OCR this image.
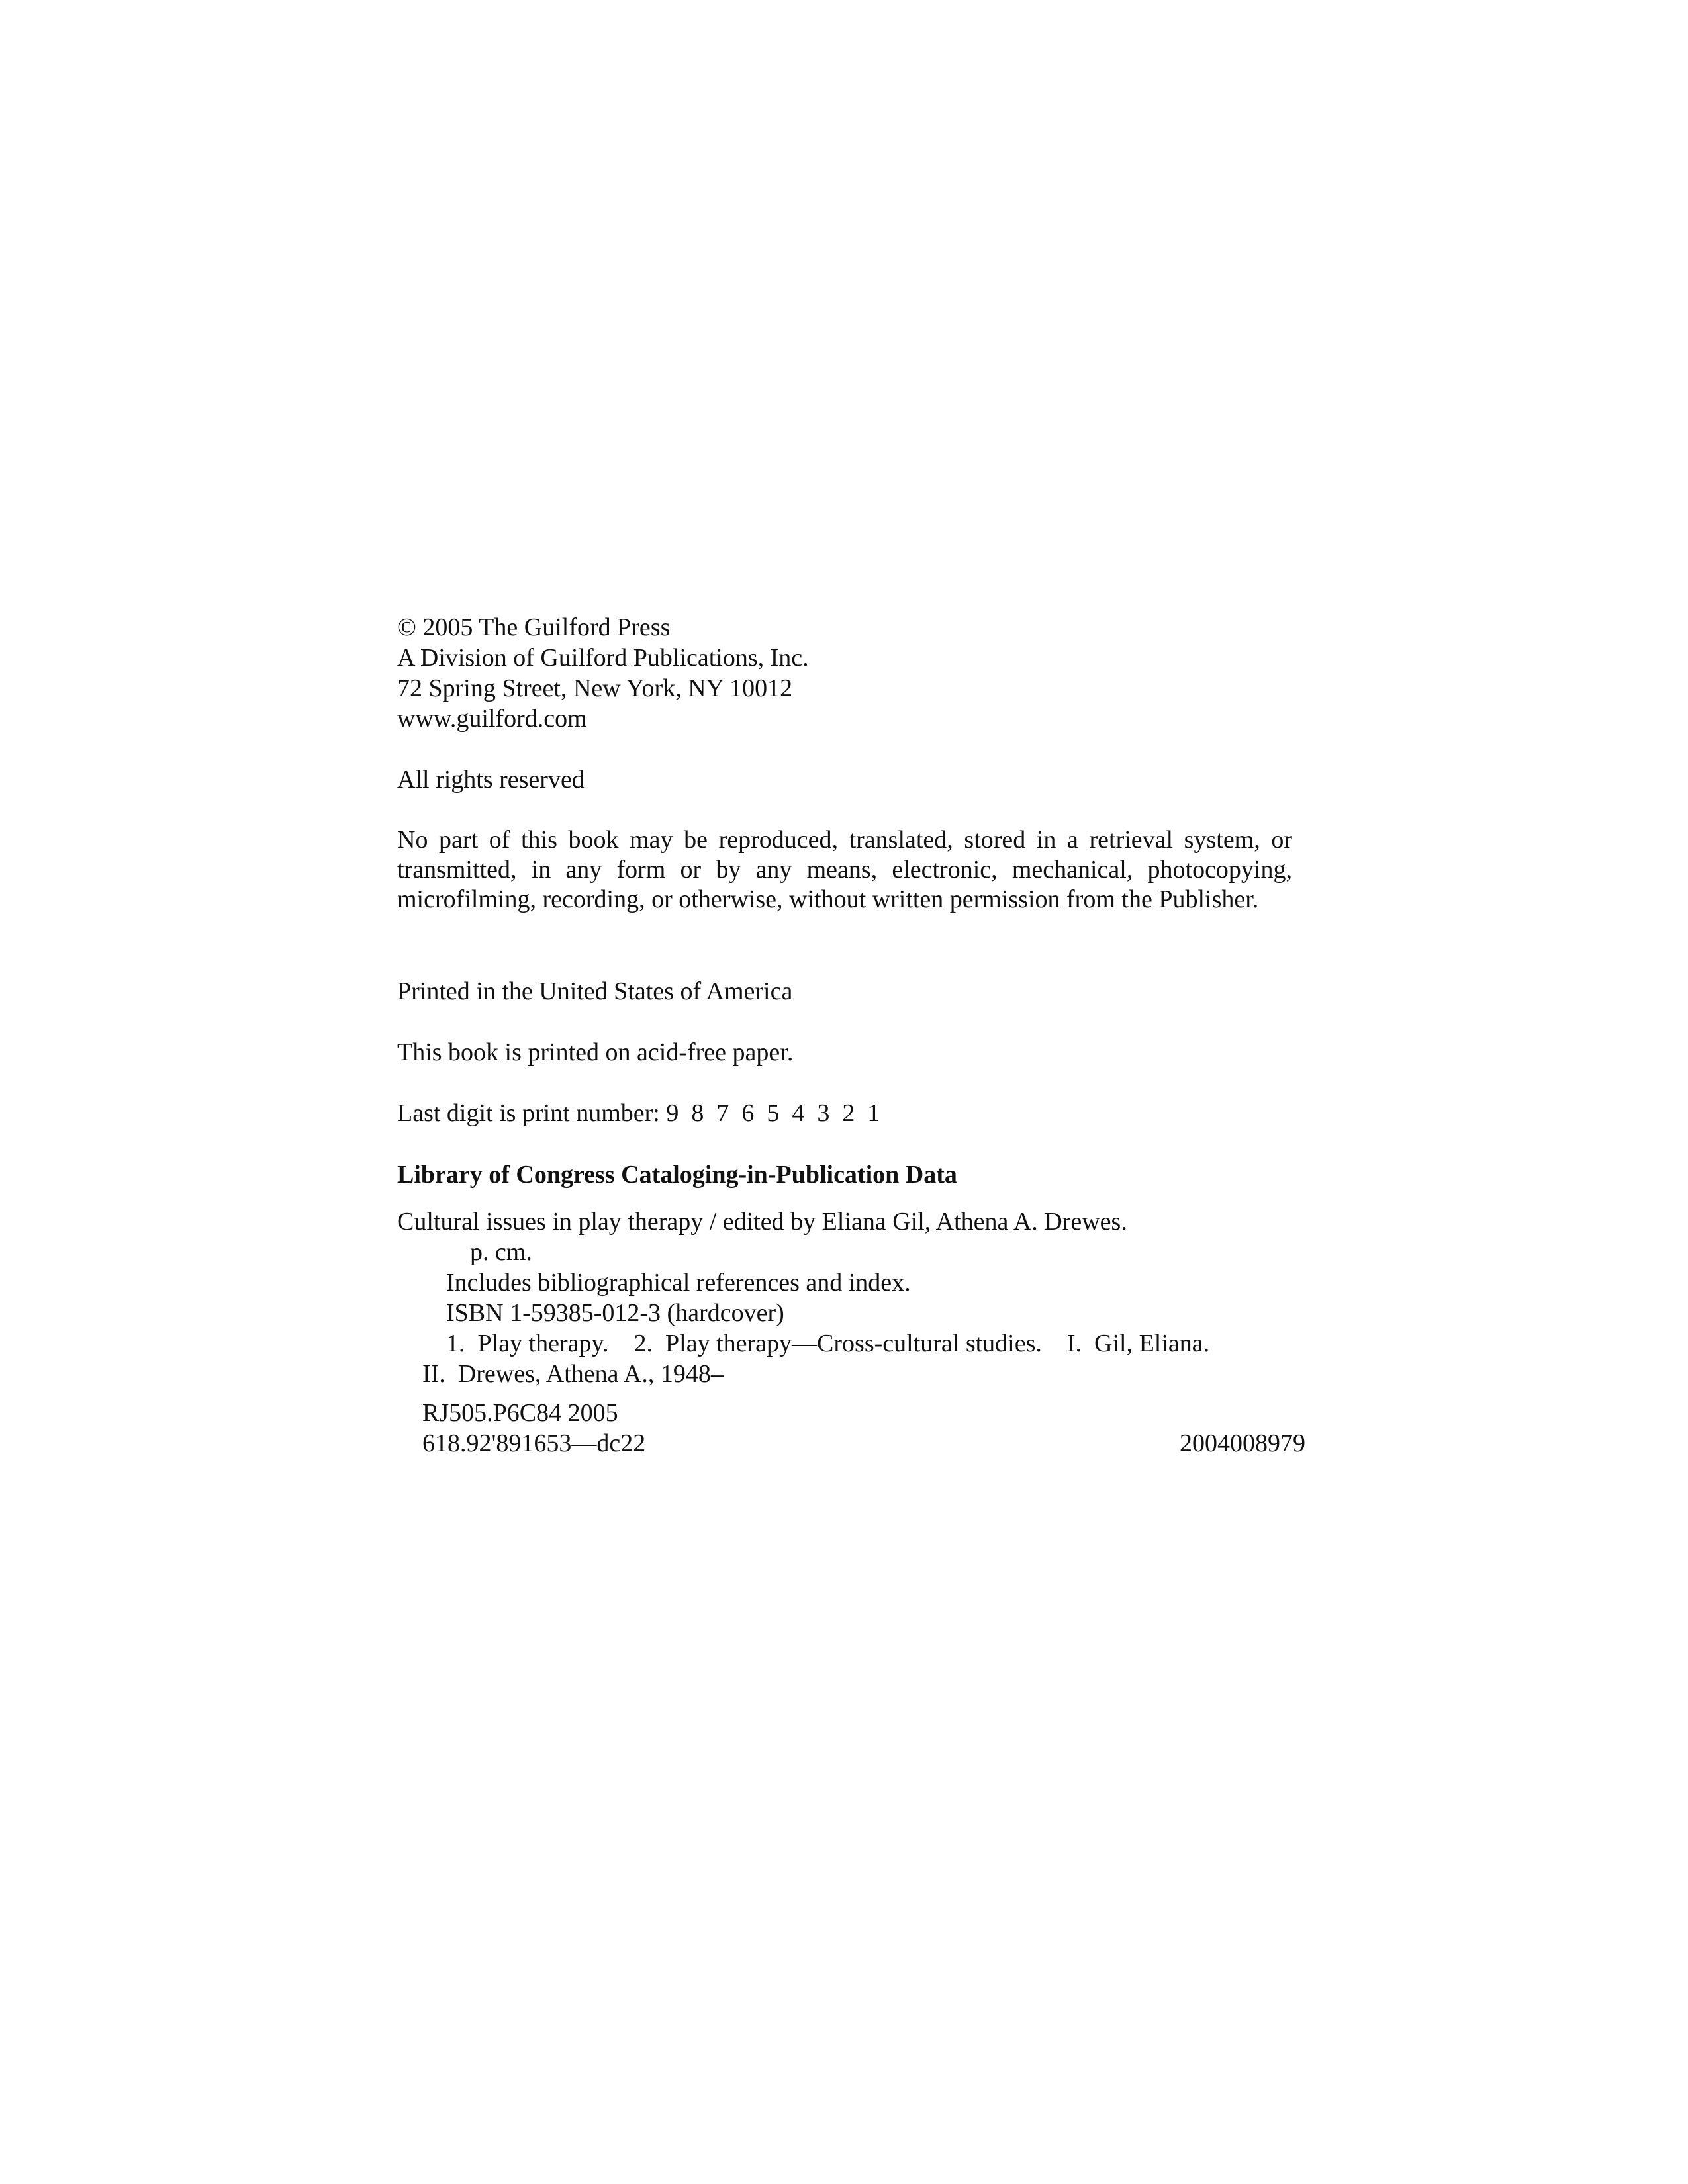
© 2005 The Guilford Press
A Division of Guilford Publications, Inc.
72 Spring Street, New York, NY 10012
www.guilford.com
All rights reserved
No part of this book may be reproduced, translated, stored in a retrieval system, or transmitted, in any form or by any means, electronic, mechanical, photocopying, microfilming, recording, or otherwise, without written permission from the Publisher.
Printed in the United States of America
This book is printed on acid-free paper.
Last digit is print number: 9  8  7  6  5  4  3  2  1
Library of Congress Cataloging-in-Publication Data
Cultural issues in play therapy / edited by Eliana Gil, Athena A. Drewes.
p. cm.
Includes bibliographical references and index.
ISBN 1-59385-012-3 (hardcover)
1.  Play therapy.    2.  Play therapy—Cross-cultural studies.    I.  Gil, Eliana.
II.  Drewes, Athena A., 1948–
RJ505.P6C84 2005
618.92'891653—dc22	2004008979
